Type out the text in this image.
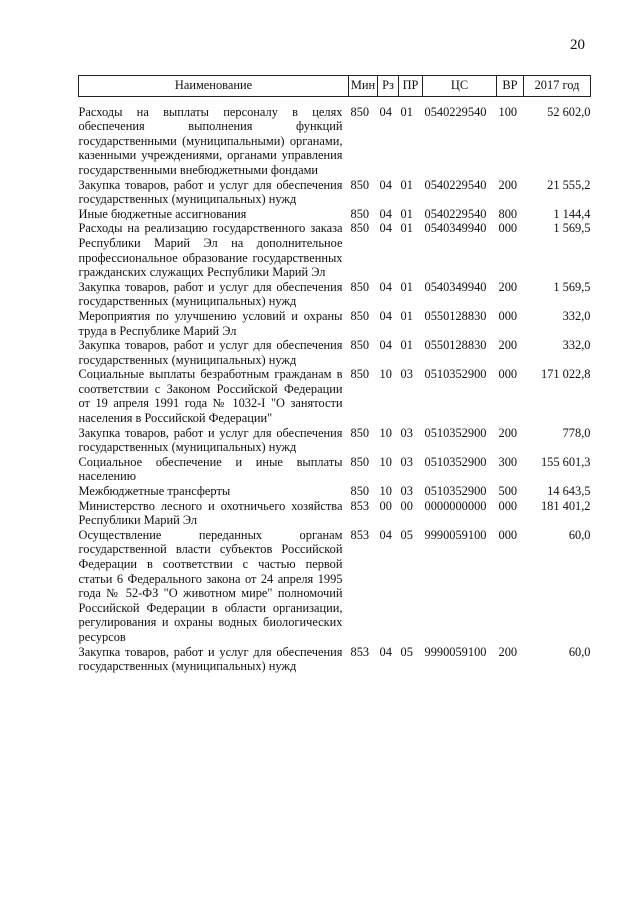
20
Наименование	Мин	Рз	ПР	ЦС	ВР	2017 год
Расходы на выплаты персоналу в целях обеспечения выполнения функций государственными (муниципальными) органами, казенными учреждениями, органами управления государственными внебюджетными фондами	850	04	01	0540229540	100	52 602,0
Закупка товаров, работ и услуг для обеспечения государственных (муниципальных) нужд	850	04	01	0540229540	200	21 555,2
Иные бюджетные ассигнования	850	04	01	0540229540	800	1 144,4
Расходы на реализацию государственного заказа Республики Марий Эл на дополнительное профессиональное образование государственных гражданских служащих Республики Марий Эл	850	04	01	0540349940	000	1 569,5
Закупка товаров, работ и услуг для обеспечения государственных (муниципальных) нужд	850	04	01	0540349940	200	1 569,5
Мероприятия по улучшению условий и охраны труда в Республике Марий Эл	850	04	01	0550128830	000	332,0
Закупка товаров, работ и услуг для обеспечения государственных (муниципальных) нужд	850	04	01	0550128830	200	332,0
Социальные выплаты безработным гражданам в соответствии с Законом Российской Федерации от 19 апреля 1991 года № 1032-I "О занятости населения в Российской Федерации"	850	10	03	0510352900	000	171 022,8
Закупка товаров, работ и услуг для обеспечения государственных (муниципальных) нужд	850	10	03	0510352900	200	778,0
Социальное обеспечение и иные выплаты населению	850	10	03	0510352900	300	155 601,3
Межбюджетные трансферты	850	10	03	0510352900	500	14 643,5
Министерство лесного и охотничьего хозяйства Республики Марий Эл	853	00	00	0000000000	000	181 401,2
Осуществление переданных органам государственной власти субъектов Российской Федерации в соответствии с частью первой статьи 6 Федерального закона от 24 апреля 1995 года № 52-ФЗ "О животном мире" полномочий Российской Федерации в области организации, регулирования и охраны водных биологических ресурсов	853	04	05	9990059100	000	60,0
Закупка товаров, работ и услуг для обеспечения государственных (муниципальных) нужд	853	04	05	9990059100	200	60,0
